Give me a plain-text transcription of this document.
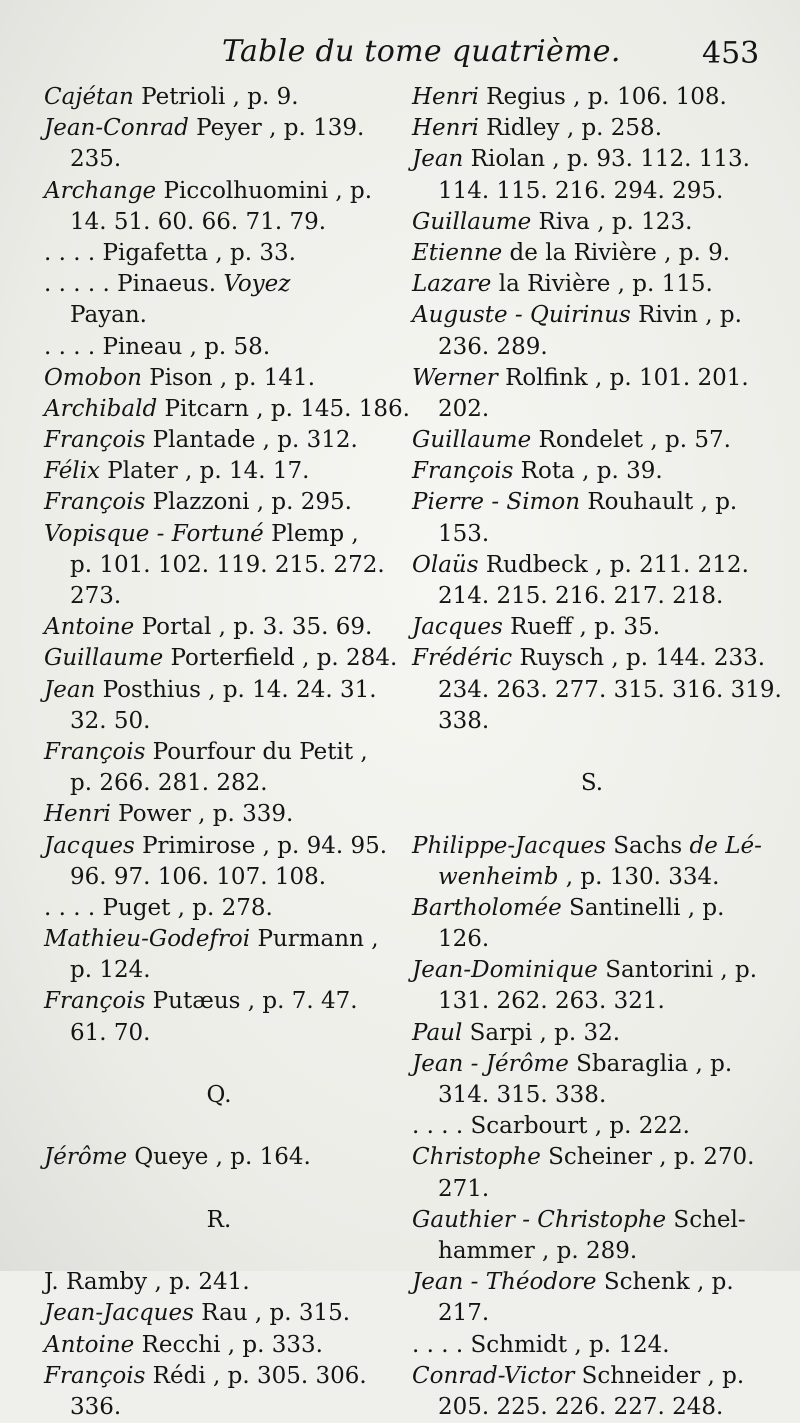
Table du tome quatrième.	453
Cajétan Petrioli , p. 9.
Jean-Conrad Peyer , p. 139.
235.
Archange Piccolhuomini , p.
14. 51. 60. 66. 71. 79.
. . . . Pigafetta , p. 33.
. . . . . Pinaeus. Voyez
Payan.
. . . . Pineau , p. 58.
Omobon Pison , p. 141.
Archibald Pitcarn , p. 145. 186.
François Plantade , p. 312.
Félix Plater , p. 14. 17.
François Plazzoni , p. 295.
Vopisque - Fortuné Plemp ,
p. 101. 102. 119. 215. 272.
273.
Antoine Portal , p. 3. 35. 69.
Guillaume Porterfield , p. 284.
Jean Posthius , p. 14. 24. 31.
32. 50.
François Pourfour du Petit ,
p. 266. 281. 282.
Henri Power , p. 339.
Jacques Primirose , p. 94. 95.
96. 97. 106. 107. 108.
. . . . Puget , p. 278.
Mathieu-Godefroi Purmann ,
p. 124.
François Putæus , p. 7. 47.
61. 70.
Q.
Jérôme Queye , p. 164.
R.
J. Ramby , p. 241.
Jean-Jacques Rau , p. 315.
Antoine Recchi , p. 333.
François Rédi , p. 305. 306.
336.
Henri Regius , p. 106. 108.
Henri Ridley , p. 258.
Jean Riolan , p. 93. 112. 113.
114. 115. 216. 294. 295.
Guillaume Riva , p. 123.
Etienne de la Rivière , p. 9.
Lazare la Rivière , p. 115.
Auguste - Quirinus Rivin , p.
236. 289.
Werner Rolfink , p. 101. 201.
202.
Guillaume Rondelet , p. 57.
François Rota , p. 39.
Pierre - Simon Rouhault , p.
153.
Olaüs Rudbeck , p. 211. 212.
214. 215. 216. 217. 218.
Jacques Rueff , p. 35.
Frédéric Ruysch , p. 144. 233.
234. 263. 277. 315. 316. 319.
338.
S.
Philippe-Jacques Sachs de Lé-
wenheimb , p. 130. 334.
Bartholomée Santinelli , p.
126.
Jean-Dominique Santorini , p.
131. 262. 263. 321.
Paul Sarpi , p. 32.
Jean - Jérôme Sbaraglia , p.
314. 315. 338.
. . . . Scarbourt , p. 222.
Christophe Scheiner , p. 270.
271.
Gauthier - Christophe Schel-
hammer , p. 289.
Jean - Théodore Schenk , p.
217.
. . . . Schmidt , p. 124.
Conrad-Victor Schneider , p.
205. 225. 226. 227. 248.
